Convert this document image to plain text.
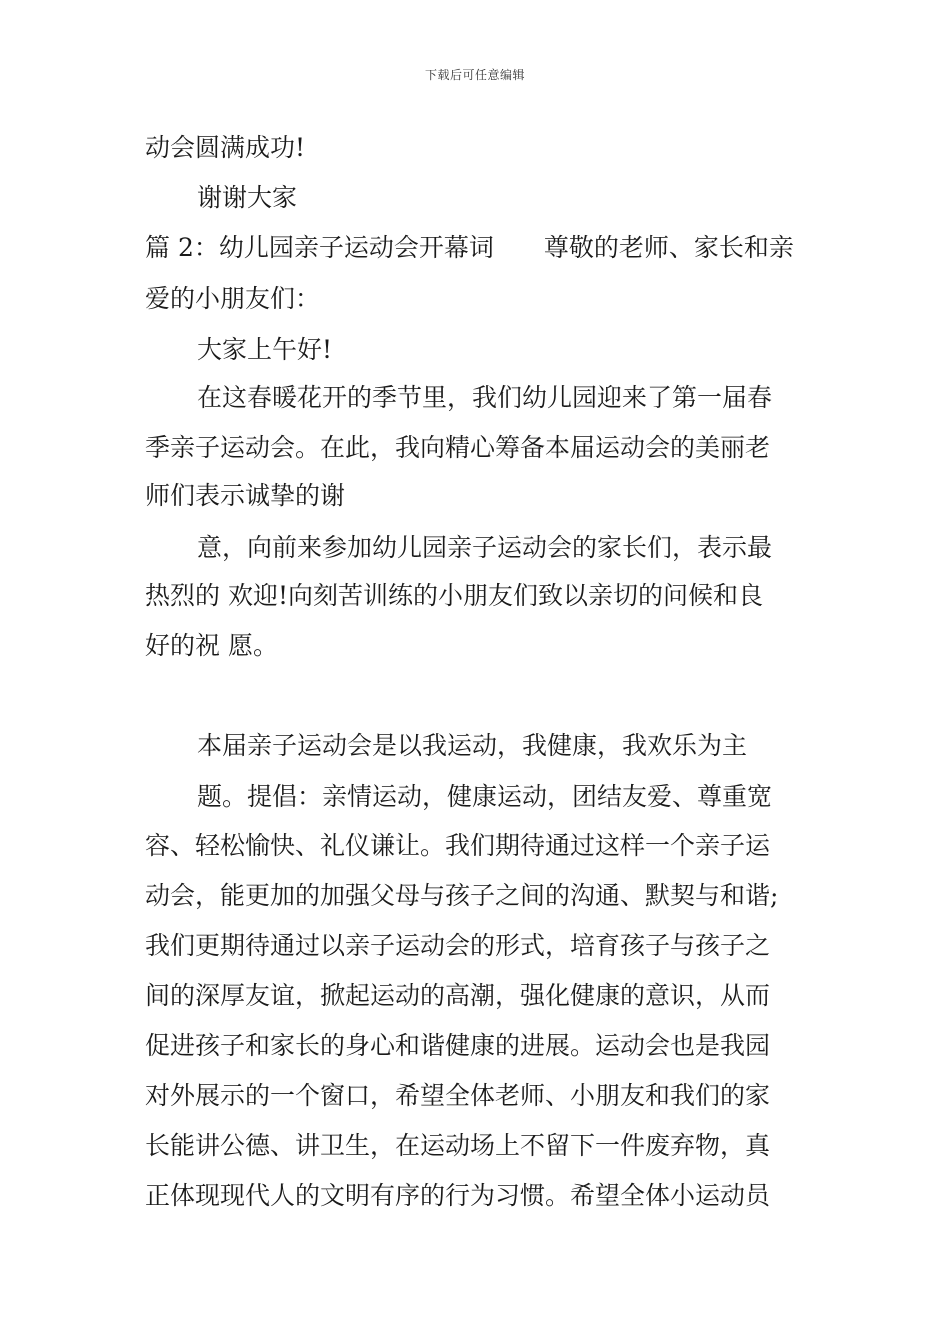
下载后可任意编辑
动会圆满成功!
谢谢大家
篇 2：幼儿园亲子运动会开幕词　　尊敬的老师、家长和亲
爱的小朋友们：
大家上午好!
在这春暖花开的季节里，我们幼儿园迎来了第一届春
季亲子运动会。在此，我向精心筹备本届运动会的美丽老
师们表示诚挚的谢
意，向前来参加幼儿园亲子运动会的家长们，表示最
热烈的 欢迎!向刻苦训练的小朋友们致以亲切的问候和良
好的祝 愿。
本届亲子运动会是以我运动，我健康，我欢乐为主
题。提倡：亲情运动，健康运动，团结友爱、尊重宽
容、轻松愉快、礼仪谦让。我们期待通过这样一个亲子运
动会，能更加的加强父母与孩子之间的沟通、默契与和谐;
我们更期待通过以亲子运动会的形式，培育孩子与孩子之
间的深厚友谊，掀起运动的高潮，强化健康的意识，从而
促进孩子和家长的身心和谐健康的进展。运动会也是我园
对外展示的一个窗口，希望全体老师、小朋友和我们的家
长能讲公德、讲卫生，在运动场上不留下一件废弃物，真
正体现现代人的文明有序的行为习惯。希望全体小运动员
